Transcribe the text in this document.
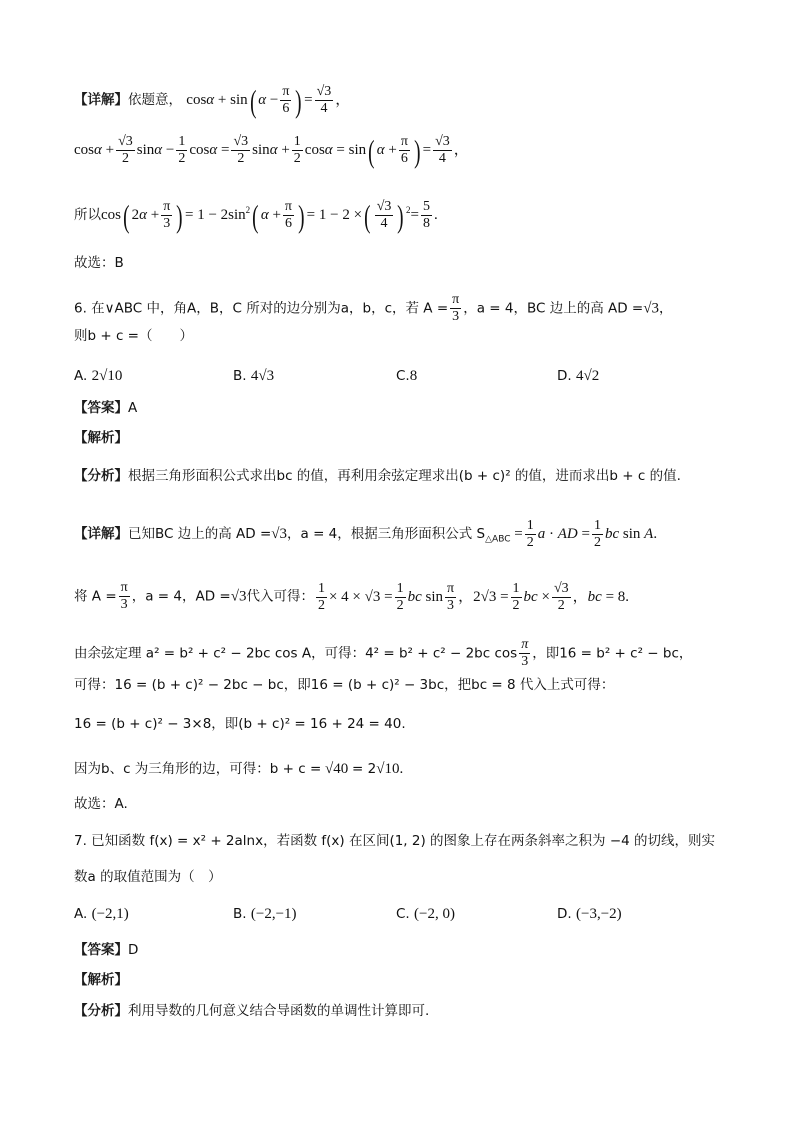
【详解】依题意， cosα + sin( $\alpha - \frac{\pi}{6}$ ) = $\frac{√3}{4}$ ，
$\cos\alpha + \frac{√3}{2}$ $\sin\alpha - \frac{1}{2}$ $\cos\alpha = \frac{√3}{2}$ $\sin\alpha + \frac{1}{2}$ cosα = sin( $\alpha + \frac{\pi}{6}$ ) = $\frac{√3}{4}$ ，
所以cos( $2\alpha + \frac{\pi}{3}$ ) = $1 - 2\sin^2$( $\alpha + \frac{\pi}{6}$ ) = 1 − 2 ×( $\frac{√3}{4}$ ) $^2= \frac{5}{8}$ .
故选：B
6. 在∨ABC 中，角A，B，C 所对的边分别为a，b，c，若 $A = \frac{\pi}{3}$ ，a = 4，BC 边上的高 AD =√3，
则b + c =（　　）
A. 2√10	B. 4√3	C.8	D. 4√2
【答案】A
【解析】
【分析】根据三角形面积公式求出bc 的值，再利用余弦定理求出(b + c)² 的值，进而求出b + c 的值.
【详解】已知BC 边上的高 AD =√3，a = 4，根据三角形面积公式 $S_{\triangle ABC} = \frac{1}{2}$ a · AD = $\frac{1}{2}$ bc sin A.
将 $A = \frac{\pi}{3}$ ，a = 4，AD =√3代入可得： $\frac{1}{2} \times 4 \times √3 = \frac{1}{2}$ bc $\sin \frac{\pi}{3}$ ，$2√3 = \frac{1}{2}$ bc × $\frac{√3}{2}$ ，bc = 8.
由余弦定理 a² = b² + c² − 2bc cos A，可得：4² = b² + c² − 2bc $\cos \frac{\pi}{3}$ ，即16 = b² + c² − bc，
可得：16 = (b + c)² − 2bc − bc，即16 = (b + c)² − 3bc，把bc = 8 代入上式可得：
16 = (b + c)² − 3×8，即(b + c)² = 16 + 24 = 40.
因为b、c 为三角形的边，可得：b + c = √40 = 2√10.
故选：A.
7. 已知函数 f(x) = x² + 2alnx，若函数 f(x) 在区间(1, 2) 的图象上存在两条斜率之积为 −4 的切线，则实
数a 的取值范围为（　）
A. (−2,1)	B. (−2,−1)	C. (−2, 0)	D. (−3,−2)
【答案】D
【解析】
【分析】利用导数的几何意义结合导函数的单调性计算即可.
